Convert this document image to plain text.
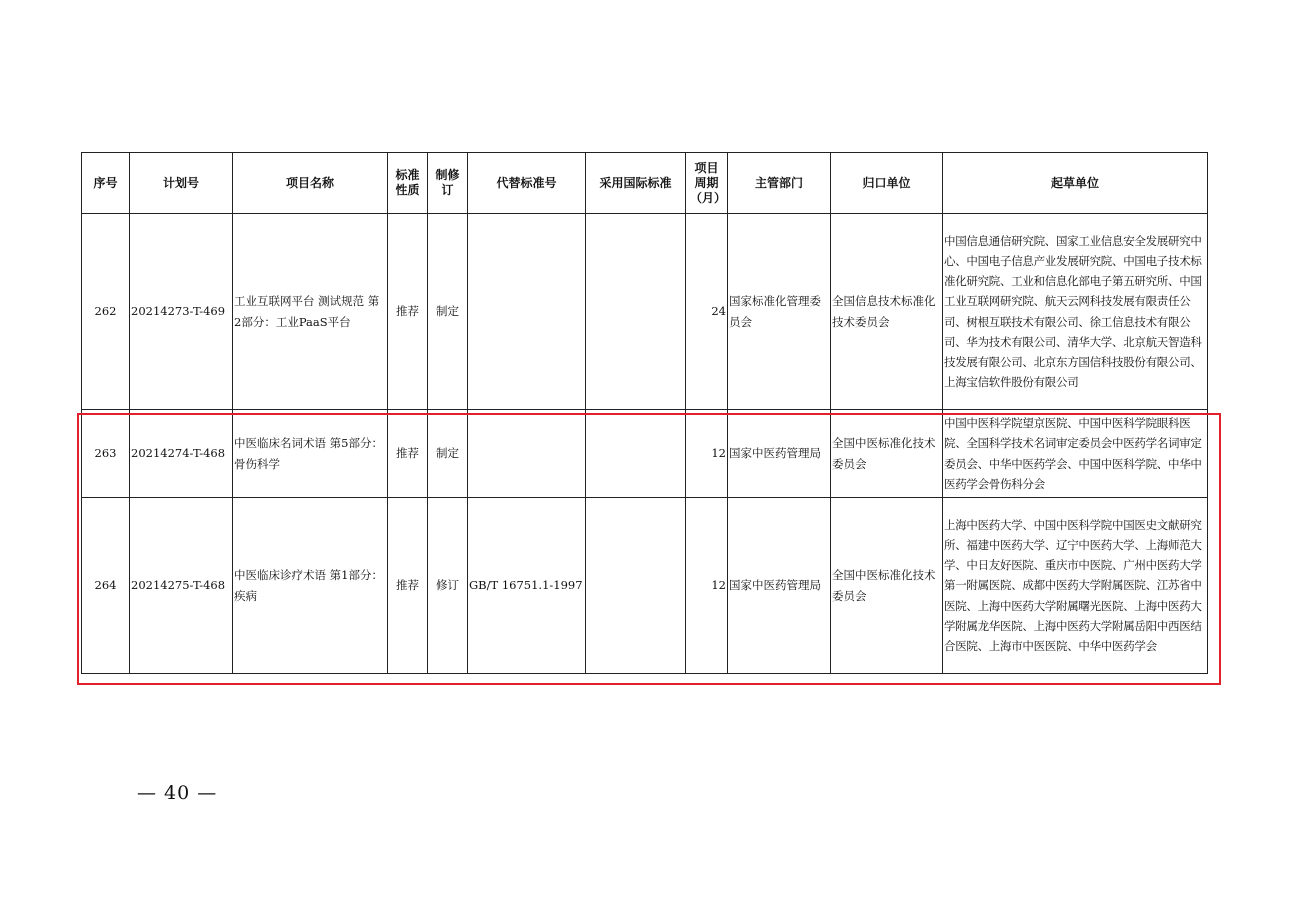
序号	计划号	项目名称	标准性质	制修订	代替标准号	采用国际标准	项目周期（月）	主管部门	归口单位	起草单位
262	20214273-T-469	工业互联网平台 测试规范 第2部分：工业PaaS平台	推荐	制定			24	国家标准化管理委员会	全国信息技术标准化技术委员会	中国信息通信研究院、国家工业信息安全发展研究中心、中国电子信息产业发展研究院、中国电子技术标准化研究院、工业和信息化部电子第五研究所、中国工业互联网研究院、航天云网科技发展有限责任公司、树根互联技术有限公司、徐工信息技术有限公司、华为技术有限公司、清华大学、北京航天智造科技发展有限公司、北京东方国信科技股份有限公司、上海宝信软件股份有限公司
263	20214274-T-468	中医临床名词术语 第5部分：骨伤科学	推荐	制定			12	国家中医药管理局	全国中医标准化技术委员会	中国中医科学院望京医院、中国中医科学院眼科医院、全国科学技术名词审定委员会中医药学名词审定委员会、中华中医药学会、中国中医科学院、中华中医药学会骨伤科分会
264	20214275-T-468	中医临床诊疗术语 第1部分：疾病	推荐	修订	GB/T 16751.1-1997		12	国家中医药管理局	全国中医标准化技术委员会	上海中医药大学、中国中医科学院中国医史文献研究所、福建中医药大学、辽宁中医药大学、上海师范大学、中日友好医院、重庆市中医院、广州中医药大学第一附属医院、成都中医药大学附属医院、江苏省中医院、上海中医药大学附属曙光医院、上海中医药大学附属龙华医院、上海中医药大学附属岳阳中西医结合医院、上海市中医医院、中华中医药学会
— 40 —
